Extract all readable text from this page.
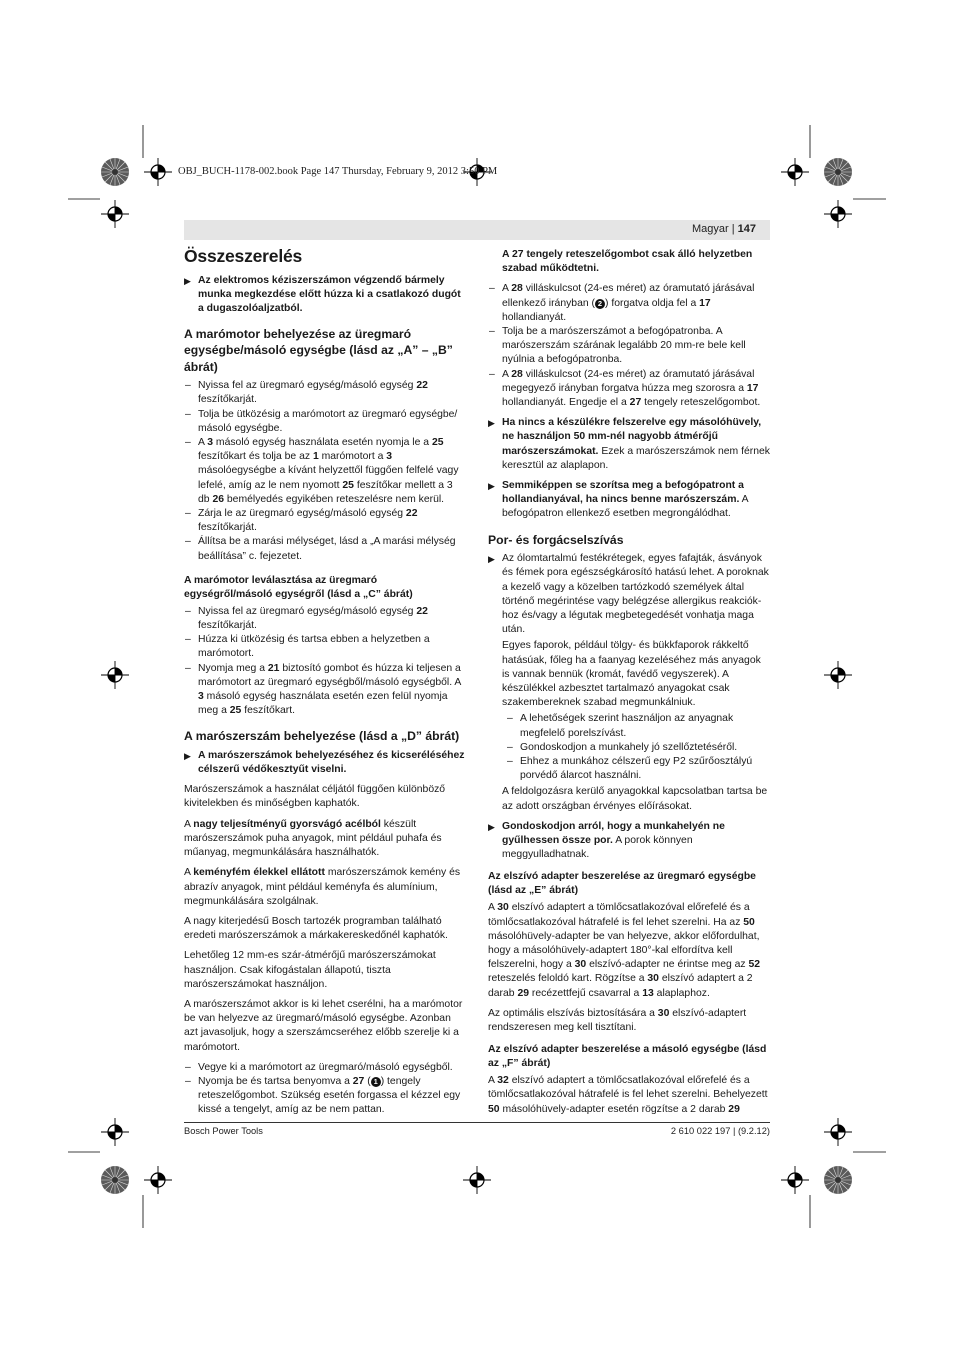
OBJ_BUCH-1178-002.book Page 147 Thursday, February 9, 2012 3:50 PM
Magyar | 147
Összeszerelés
▶ Az elektromos kéziszerszámon végzendő bármely munka megkezdése előtt húzza ki a csatlakozó dugót a dugaszolóaljzatból.
A marómotor behelyezése az üregmaró egységbe/másoló egységbe (lásd az „A” – „B” ábrát)
– Nyissa fel az üregmaró egység/másoló egység 22 feszítőkarját.
– Tolja be ütközésig a marómotort az üregmaró egységbe/ másoló egységbe.
– A 3 másoló egység használata esetén nyomja le a 25 feszítőkart és tolja be az 1 marómotort a 3 másolóegységbe a kívánt helyzettől függően felfelé vagy lefelé, amíg az le nem nyomott 25 feszítőkar mellett a 3 db 26 bemélyedés egyikében reteszelésre nem kerül.
– Zárja le az üregmaró egység/másoló egység 22 feszítőkarját.
– Állítsa be a marási mélységet, lásd a „A marási mélység beállítása” c. fejezetet.
A marómotor leválasztása az üregmaró egységről/másoló egységről (lásd a „C” ábrát)
– Nyissa fel az üregmaró egység/másoló egység 22 feszítőkarját.
– Húzza ki ütközésig és tartsa ebben a helyzetben a marómotort.
– Nyomja meg a 21 biztosító gombot és húzza ki teljesen a marómotort az üregmaró egységből/másoló egységből. A 3 másoló egység használata esetén ezen felül nyomja meg a 25 feszítőkart.
A marószerszám behelyezése (lásd a „D” ábrát)
▶ A marószerszámok behelyezéséhez és kicseréléséhez célszerű védőkesztyűt viselni.

Marószerszámok a használat céljától függően különböző kivitelekben és minőségben kaphatók.

A nagy teljesítményű gyorsvágó acélból készült marószerszámok puha anyagok, mint például puhafa és műanyag, megmunkálására használhatók.

A keményfém élekkel ellátott marószerszámok kemény és abrazív anyagok, mint például keményfa és alumínium, megmunkálására szolgálnak.

A nagy kiterjedésű Bosch tartozék programban található eredeti marószerszámok a márkakereskedőnél kaphatók.

Lehetőleg 12 mm-es szár-átmérőjű marószerszámokat használjon. Csak kifogástalan állapotú, tiszta marószerszámokat használjon.

A marószerszámot akkor is ki lehet cserélni, ha a marómotor be van helyezve az üregmaró/másoló egységbe. Azonban azt javasoljuk, hogy a szerszámcseréhez előbb szerelje ki a marómotort.

– Vegye ki a marómotort az üregmaró/másoló egységből.
– Nyomja be és tartsa benyomva a 27 ( 1 ) tengely reteszelőgombot. Szükség esetén forgassa el kézzel egy kissé a tengelyt, amíg az be nem pattan.

A 27 tengely reteszelőgombot csak álló helyzetben szabad működtetni.

– A 28 villáskulcsot (24-es méret) az óramutató járásával ellenkező irányban ( 2 ) forgatva oldja fel a 17 hollandianyát.
– Tolja be a marószerszámot a befogópatronba. A marószerszám szárának legalább 20 mm-re bele kell nyúlnia a befogópatronba.
– A 28 villáskulcsot (24-es méret) az óramutató járásával megegyező irányban forgatva húzza meg szorosra a 17 hollandianyát. Engedje el a 27 tengely reteszelőgombot.
▶ Ha nincs a készülékre felszerelve egy másolóhüvely, ne használjon 50 mm-nél nagyobb átmérőjű marószerszámokat. Ezek a marószerszámok nem férnek keresztül az alaplapon.
▶ Semmiképpen se szorítsa meg a befogópatront a hollandianyával, ha nincs benne marószerszám. A befogópatron ellenkező esetben megrongálódhat.
Por- és forgácselszívás
▶ Az ólomtartalmú festékrétegek, egyes fafajták, ásványok és fémek pora egészségkárosító hatású lehet. A poroknak a kezelő vagy a közelben tartózkodó személyek által történő megérintése vagy belégzése allergikus reakciók-hoz és/vagy a légutak megbetegedését vonhatja maga után.

Egyes faporok, például tölgy- és bükkfaporok rákkeltő hatásúak, főleg ha a faanyag kezeléséhez más anyagok is vannak bennük (kromát, favédő vegyszerek). A készülékkel azbesztet tartalmazó anyagokat csak szakembereknek szabad megmunkálniuk.

– A lehetőségek szerint használjon az anyagnak megfelelő porelszívást.
– Gondoskodjon a munkahely jó szellőztetéséről.
– Ehhez a munkához célszerű egy P2 szűrőosztályú porvédő álarcot használni.

A feldolgozásra kerülő anyagokkal kapcsolatban tartsa be az adott országban érvényes előírásokat.

▶ Gondoskodjon arról, hogy a munkahelyén ne gyűlhessen össze por. A porok könnyen meggyulladhatnak.
Az elszívó adapter beszerelése az üregmaró egységbe (lásd az „E” ábrát)

A 30 elszívó adaptert a tömlőcsatlakozóval előrefelé és a tömlőcsatlakozóval hátrafelé is fel lehet szerelni. Ha az 50 másolóhüvely-adapter be van helyezve, akkor előfordulhat, hogy a másolóhüvely-adaptert 180°-kal elfordítva kell felszerelni, hogy a 30 elszívó-adapter ne érintse meg az 52 reteszelés feloldó kart. Rögzítse a 30 elszívó adaptert a 2 darab 29 recézettfejű csavarral a 13 alaplaphoz.

Az optimális elszívás biztosítására a 30 elszívó-adaptert rendszeresen meg kell tisztítani.

Az elszívó adapter beszerelése a másoló egységbe (lásd az „F” ábrát)

A 32 elszívó adaptert a tömlőcsatlakozóval előrefelé és a tömlőcsatlakozóval hátrafelé is fel lehet szerelni. Behelyezett 50 másolóhüvely-adapter esetén rögzítse a 2 darab 29

Bosch Power Tools	2 610 022 197 | (9.2.12)
